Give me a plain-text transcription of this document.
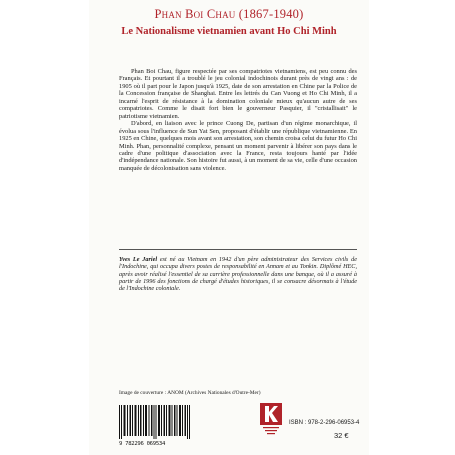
Phan Boi Chau (1867-1940)
Le Nationalisme vietnamien avant Ho Chi Minh

Phan Boi Chau, figure respectée par ses compatriotes vietnamiens, est peu connu des Français. Et pourtant il a troublé le jeu colonial indochinois durant près de vingt ans : de 1905 où il part pour le Japon jusqu'à 1925, date de son arrestation en Chine par la Police de la Concession française de Shanghai. Entre les lettrés du Can Vuong et Ho Chi Minh, il a incarné l'esprit de résistance à la domination coloniale mieux qu'aucun autre de ses compatriotes. Comme le disait fort bien le gouverneur Pasquier, il "cristallisait" le patriotisme vietnamien.

D'abord, en liaison avec le prince Cuong De, partisan d'un régime monarchique, il évolua sous l'influence de Sun Yat Sen, proposant d'établir une république vietnamienne. En 1925 en Chine, quelques mois avant son arrestation, son chemin croisa celui du futur Ho Chi Minh. Phan, personnalité complexe, pensant un moment parvenir à libérer son pays dans le cadre d'une politique d'association avec la France, resta toujours hanté par l'idée d'indépendance nationale. Son histoire fut aussi, à un moment de sa vie, celle d'une occasion manquée de décolonisation sans violence.

Yves Le Jariel est né au Vietnam en 1942 d'un père administrateur des Services civils de l'Indochine, qui occupa divers postes de responsabilité en Annam et au Tonkin. Diplômé HEC, après avoir réalisé l'essentiel de sa carrière professionnelle dans une banque, où il a assuré à partir de 1996 des fonctions de chargé d'études historiques, il se consacre désormais à l'étude de l'Indochine coloniale.

Image de couverture : ANOM (Archives Nationales d'Outre-Mer)
9 782296 069534
ISBN : 978-2-296-06953-4
32 €
